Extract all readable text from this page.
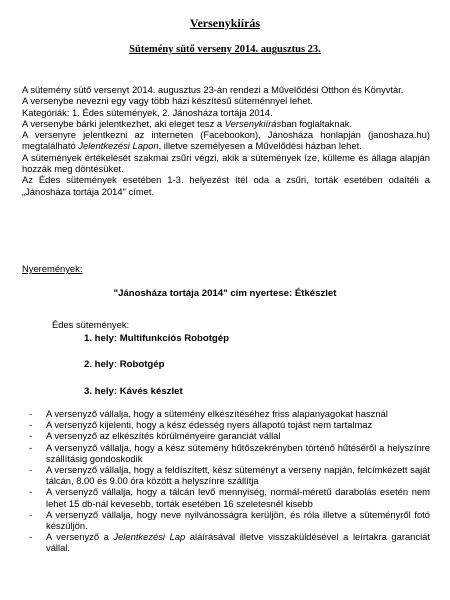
Versenykiírás
Sütemény sütő verseny 2014. augusztus 23.

A sütemény sütő versenyt 2014. augusztus 23-án rendezi a Művelődési Otthon és Könyvtár.

A versenybe nevezni egy vagy több házi készítésű süteménnyel lehet.

Kategóriák: 1. Édes sütemények, 2. Jánosháza tortája 2014.

A versenybe bárki jelentkezhet, aki eleget tesz a Versenykiírásban foglaltaknak.

A versenyre jelentkezni az interneten (Facebookon), Jánosháza honlapján (janoshaza.hu) megtalálható Jelentkezési Lapon, illetve személyesen a Művelődési házban lehet.

A sütemények értékelését szakmai zsűri végzi, akik a sütemények íze, külleme és állaga alapján hozzák meg döntésüket.

Az Édes sütemények esetében 1-3. helyezést ítél oda a zsűri, torták esetében odaítéli a „Jánosháza tortája 2014" címet.

Nyeremények:
"Jánosháza tortája 2014" cím nyertese: Étkészlet
Édes sütemények:
1. hely: Multifunkciós Robotgép
2. hely: Robotgép
3. hely: Kávés készlet
- A versenyző vállalja, hogy a sütemény elkészítéséhez friss alapanyagokat használ
- A versenyző kijelenti, hogy a kész édesség nyers állapotú tojást nem tartalmaz
- A versenyző az elkészítés körülményeire garanciát vállal
- A versenyző vállalja, hogy a kész sütemény hűtőszekrényben történő hűtéséről a helyszínre szállításig gondoskodik
- A versenyző vállalja, hogy a feldíszített, kész süteményt a verseny napján, felcímkézett saját tálcán, 8.00 és 9.00 óra között a helyszínre szállítja
- A versenyző vállalja, hogy a tálcán levő mennyiség, normál-méretű darabolás esetén nem lehet 15 db-nál kevesebb, torták esetében 16 szeletesnél kisebb
- A versenyző vállalja, hogy neve nyilvánosságra kerüljön, és róla illetve a süteményről fotó készüljön.
- A versenyző a Jelentkezési Lap aláírásával illetve visszaküldésével a leírtakra garanciát vállal.
